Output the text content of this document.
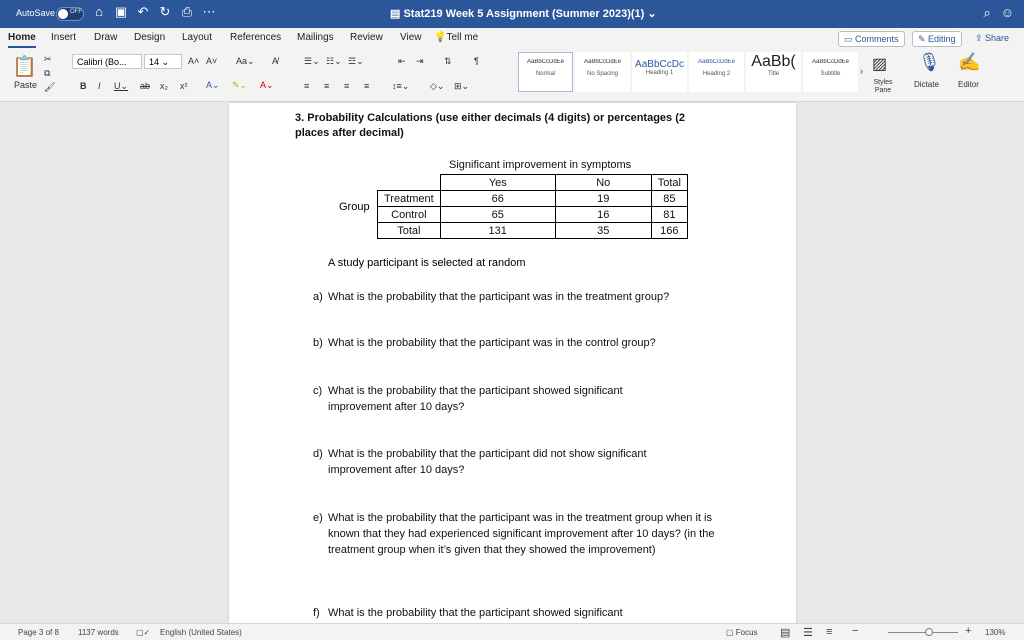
AutoSave OFF	⌂ ▣ ↶ ↻ ⎙ ⋯	▤ Stat219 Week 5 Assignment (Summer 2023)(1) ⌄	⌕ ☺
Home Insert Draw Design Layout References Mailings Review View 💡Tell me	▭ Comments	✎ Editing	⇪ Share
📋
Paste
✂
⧉
🖌
Calibri (Bo...	14 ⌄	A˄ A˅ Aa⌄ A̸
B I U⌄ ab x₂ x² A⌄ ✎⌄ A⌄
☰⌄ ☷⌄ ☲⌄	⇤ ⇥ ⇅ ¶
≡ ≡ ≡ ≡	↕≡⌄ ◇⌄ ⊞⌄
AaBbCcDdEe
Normal
AaBbCcDdEe
No Spacing
AaBbCcDc
Heading 1
AaBbCcDdEe
Heading 2
AaBb(
Title
AaBbCcDdEe
Subtitle	› ▨
Styles Pane
🎙
Dictate
✍
Editor
3. Probability Calculations (use either decimals (4 digits) or percentages (2 places after decimal)
Significant improvement in symptoms
Group
	Yes	No	Total
Treatment	66	19	85
Control	65	16	81
Total	131	35	166
A study participant is selected at random
a) What is the probability that the participant was in the treatment group?
b) What is the probability that the participant was in the control group?
c) What is the probability that the participant showed significant improvement after 10 days?
d) What is the probability that the participant did not show significant improvement after 10 days?
e) What is the probability that the participant was in the treatment group when it is known that they had experienced significant improvement after 10 days? (in the treatment group when it’s given that they showed the improvement)
f) What is the probability that the participant showed significant
Page 3 of 8 1137 words ▢✓ English (United States)	▢ Focus ▤ ☰ ≡ −	+ 130%
